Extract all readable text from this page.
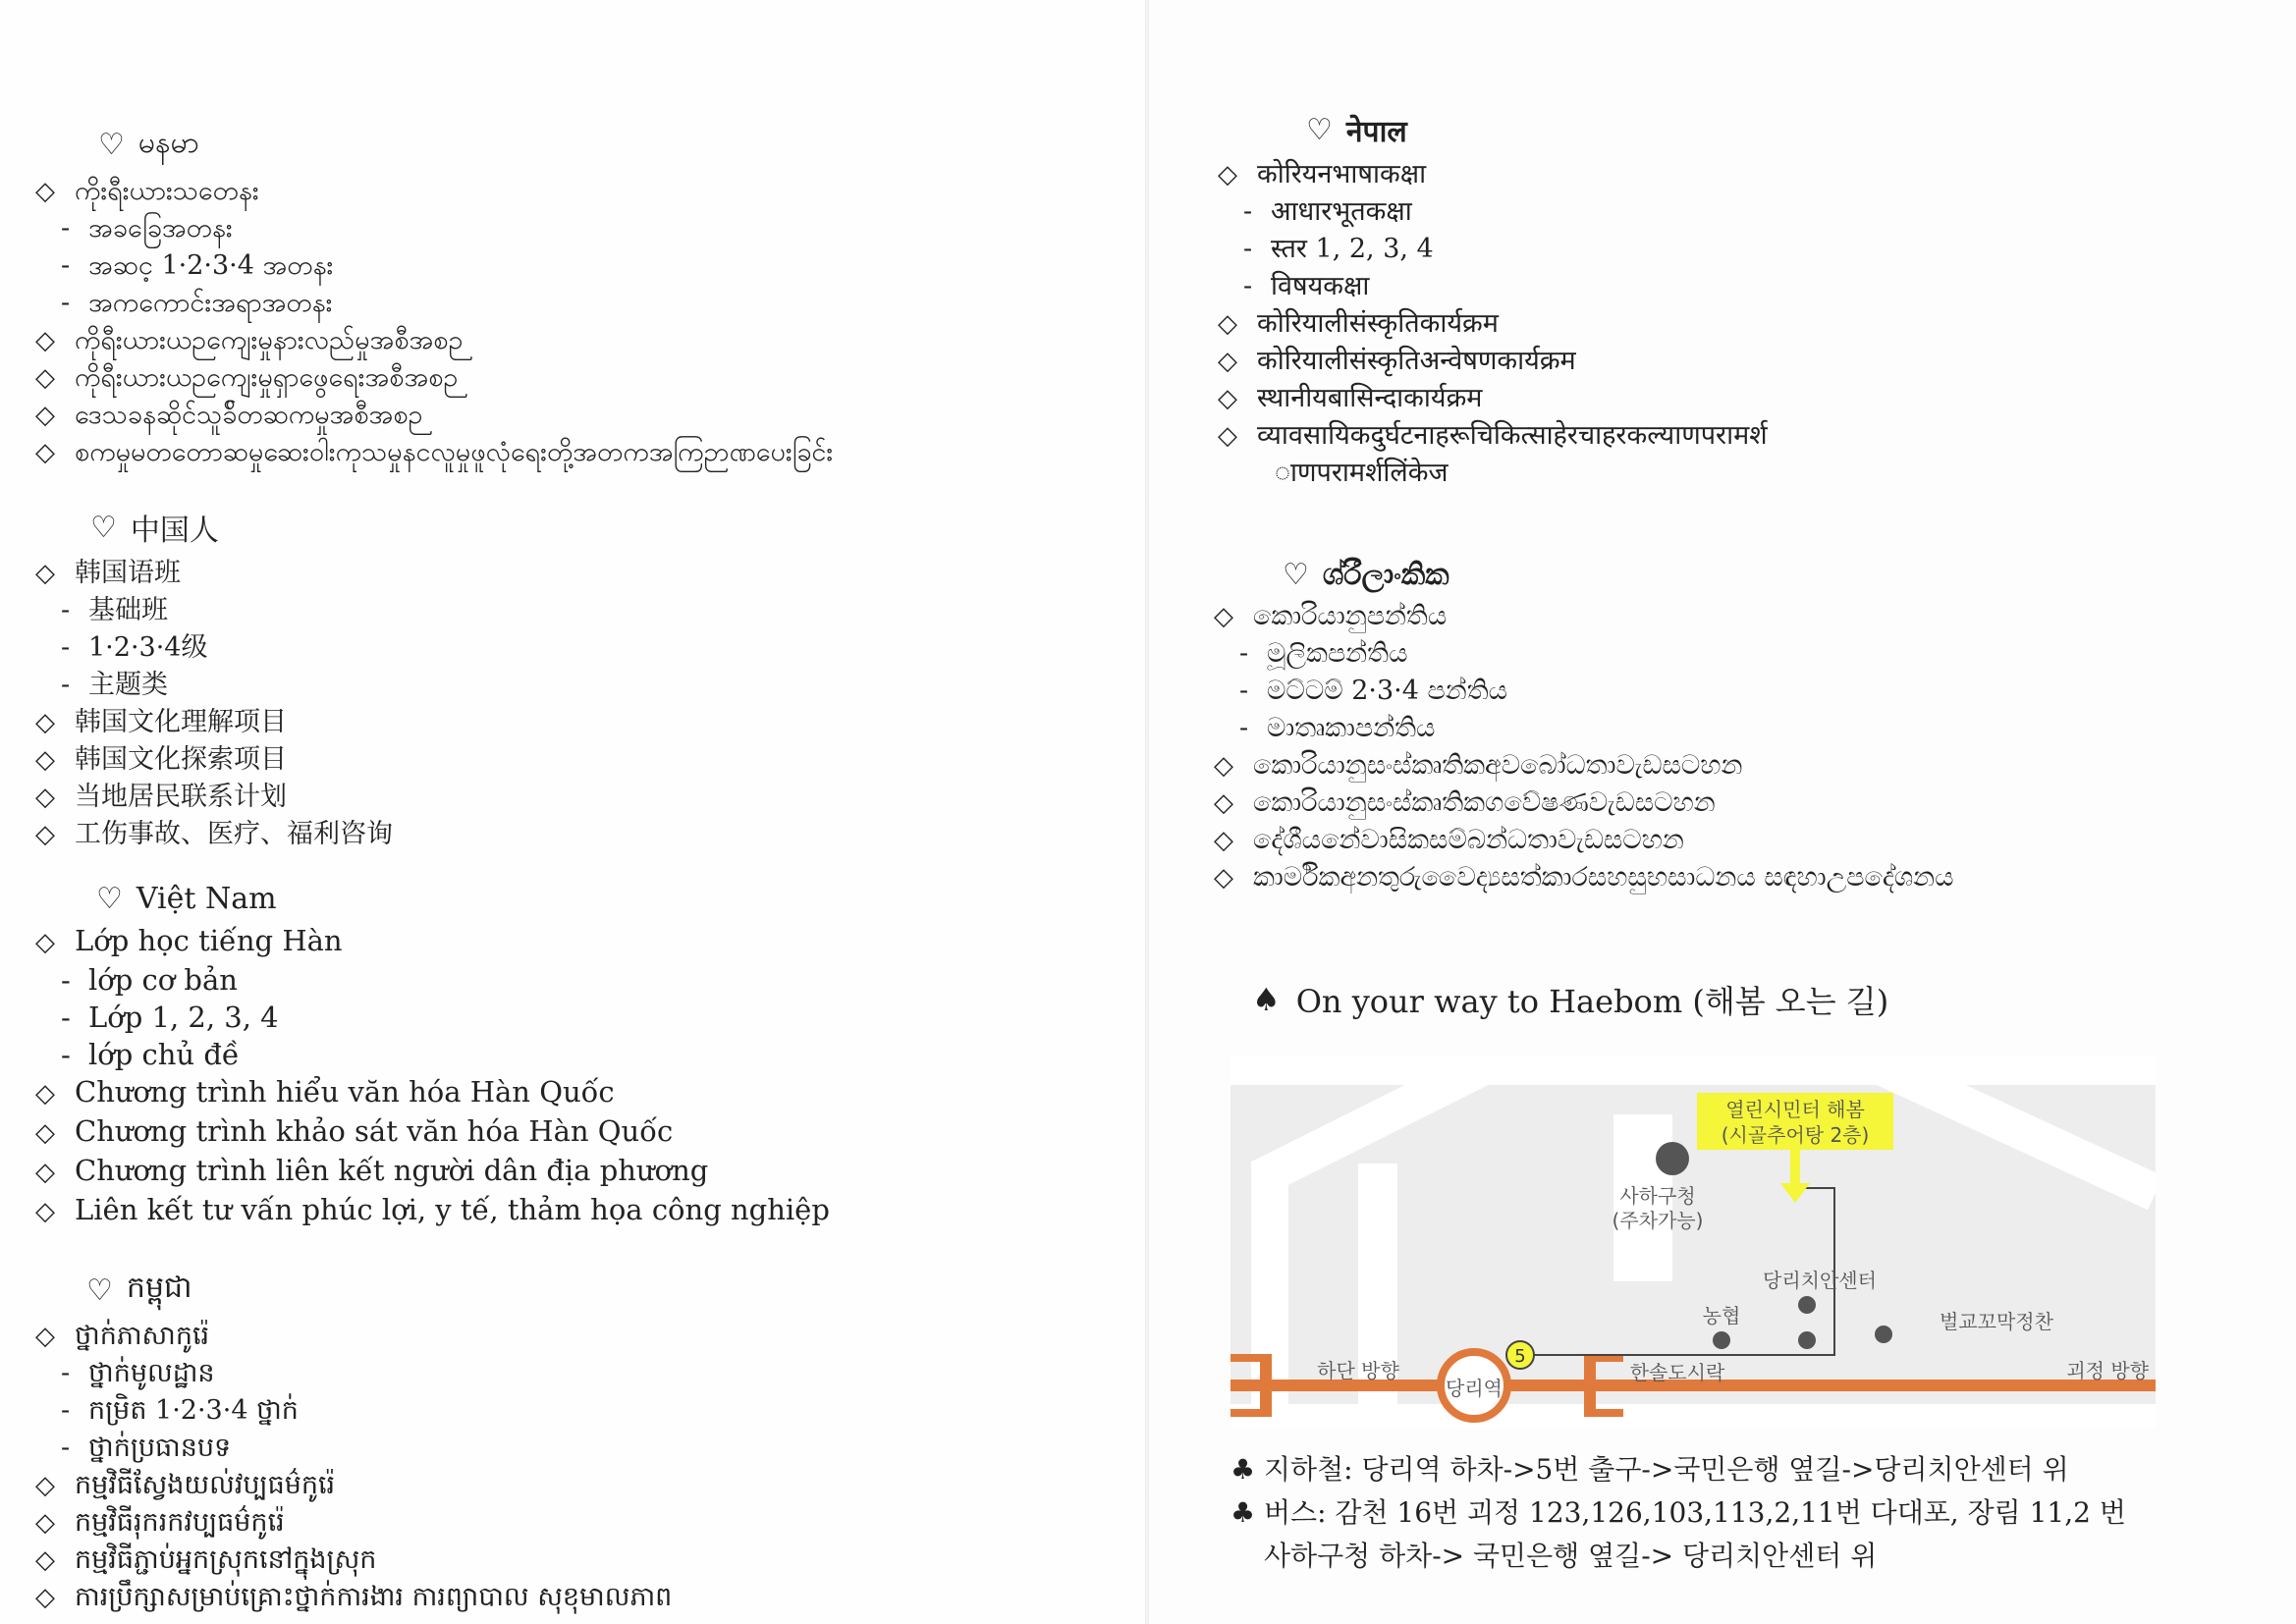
♡ မနမာ
◇ ကိုးရီးယား‌သတေနး
- အခခြေအတနး
- အဆင့ 1·2·3·4 အတနး
- အကကောင်းအရာအတနး
◇ ကိုရီးယားယဉကျေးမှုနားလည်မှုအစီအစဉ
◇ ကိုရီးယားယဉကျေးမှုရှာဖွေရေးအစီအစဉ
◇ ဒေသခနဆိုင်သူခ်ိတဆကမှုအစီအစဉ
◇ စကမှုမတတောဆမှုဆေးဝါးကုသမှုနငလူမှုဖူလုံရေးတို့အတကအကြဉာဏပေးခြင်း
♡ 中国人
◇ 韩国语班
- 基础班
- 1·2·3·4级
- 主题类
◇ 韩国文化理解项目
◇ 韩国文化探索项目
◇ 当地居民联系计划
◇ 工伤事故、医疗、福利咨询
♡ Việt Nam
◇ Lớp học tiếng Hàn
- lớp cơ bản
- Lớp 1, 2, 3, 4
- lớp chủ đề
◇ Chương trình hiểu văn hóa Hàn Quốc
◇ Chương trình khảo sát văn hóa Hàn Quốc
◇ Chương trình liên kết người dân địa phương
◇ Liên kết tư vấn phúc lợi, y tế, thảm họa công nghiệp
♡ កម្ពុជា
◇ ថ្នាក់ភាសាកូរ៉េ
- ថ្នាក់មូលដ្ឋាន
- កម្រិត 1·2·3·4 ថ្នាក់
- ថ្នាក់ប្រធានបទ
◇ កម្មវិធីស្វែងយល់វប្បធម៌កូរ៉េ
◇ កម្មវិធីរុករកវប្បធម៌កូរ៉េ
◇ កម្មវិធីភ្ជាប់អ្នកស្រុកនៅក្នុងស្រុក
◇ ការប្រឹក្សាសម្រាប់គ្រោះថ្នាក់ការងារ ការព្យាបាល សុខុមាលភាព
♡ नेपाल
◇ कोरियनभाषाकक्षा
- आधारभूतकक्षा
- स्तर 1, 2, 3, 4
- विषयकक्षा
◇ कोरियालीसंस्कृतिकार्यक्रम
◇ कोरियालीसंस्कृतिअन्वेषणकार्यक्रम
◇ स्थानीयबासिन्दाकार्यक्रम
◇ व्यावसायिकदुर्घटनाहरूचिकित्साहेरचाहरकल्याणपरामर्श
ाणपरामर्शलिंकेज
♡ ශ්රීලාංකික
◇ කොරියානුපන්තිය
- මූලිකපන්තිය
- මට්ටම් 2·3·4 පන්තිය
- මාතෘකාපන්තිය
◇ කොරියානුසංස්කෘතිකඅවබෝධතාවැඩසටහන
◇ කොරියානුසංස්කෘතිකගවේෂණවැඩසටහන
◇ දේශීයනේවාසිකසම්බන්ධතාවැඩසටහන
◇ කාර්මිකඅනතුරුවෛද්‍යසත්කාරසහසුභසාධනය සඳහාඋපදේශනය
♠ On your way to Haebom (해봄 오는 길)
당리역
하단 방향	괴정 방향
5
한솔도시락
사하구청
(주차가능)
농협
당리치안센터
벌교꼬막정찬
열린시민터 해봄
(시골추어탕 2층)
♣ 지하철: 당리역 하차->5번 출구->국민은행 옆길->당리치안센터 위
♣ 버스: 감천 16번 괴정 123,126,103,113,2,11번 다대포, 장림 11,2 번
사하구청 하차-> 국민은행 옆길-> 당리치안센터 위
